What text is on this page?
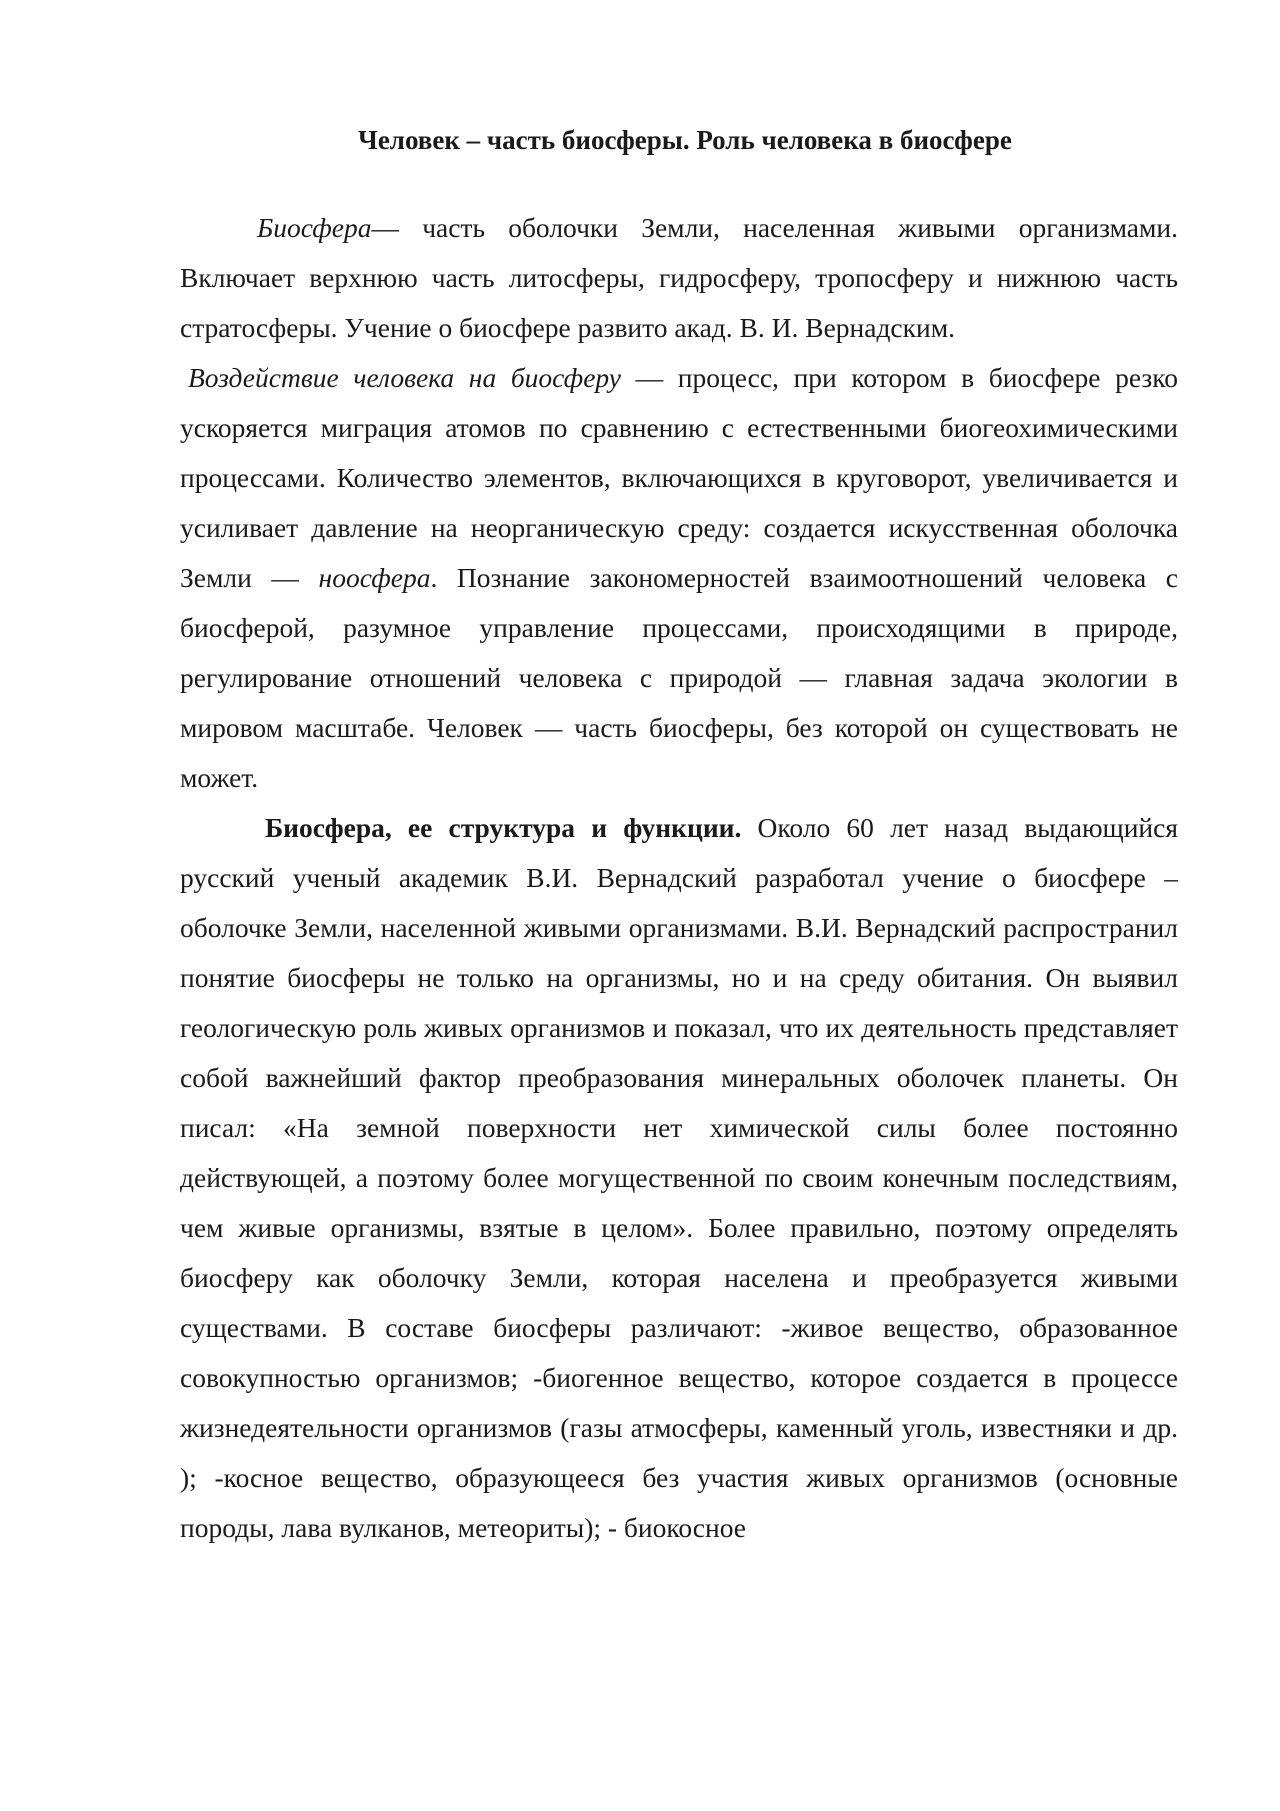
Человек – часть биосферы. Роль человека в биосфере

Биосфера— часть оболочки Земли, населенная живыми организмами. Включает верхнюю часть литосферы, гидросферу, тропосферу и нижнюю часть стратосферы. Учение о биосфере развито акад. В. И. Вернадским.

Воздействие человека на биосферу — процесс, при котором в биосфере резко ускоряется миграция атомов по сравнению с естественными биогеохимическими процессами. Количество элементов, включающихся в круговорот, увеличивается и усиливает давление на неорганическую среду: создается искусственная оболочка Земли — ноосфера. Познание закономерностей взаимоотношений человека с биосферой, разумное управление процессами, происходящими в природе, регулирование отношений человека с природой — главная задача экологии в мировом масштабе. Человек — часть биосферы, без которой он существовать не может.

Биосфера, ее структура и функции. Около 60 лет назад выдающийся русский ученый академик В.И. Вернадский разработал учение о биосфере – оболочке Земли, населенной живыми организмами. В.И. Вернадский распространил понятие биосферы не только на организмы, но и на среду обитания. Он выявил геологическую роль живых организмов и показал, что их деятельность представляет собой важнейший фактор преобразования минеральных оболочек планеты. Он писал: «На земной поверхности нет химической силы более постоянно действующей, а поэтому более могущественной по своим конечным последствиям, чем живые организмы, взятые в целом». Более правильно, поэтому определять биосферу как оболочку Земли, которая населена и преобразуется живыми существами. В составе биосферы различают: -живое вещество, образованное совокупностью организмов; -биогенное вещество, которое создается в процессе жизнедеятельности организмов (газы атмосферы, каменный уголь, известняки и др. ); -косное вещество, образующееся без участия живых организмов (основные породы, лава вулканов, метеориты); - биокосное
